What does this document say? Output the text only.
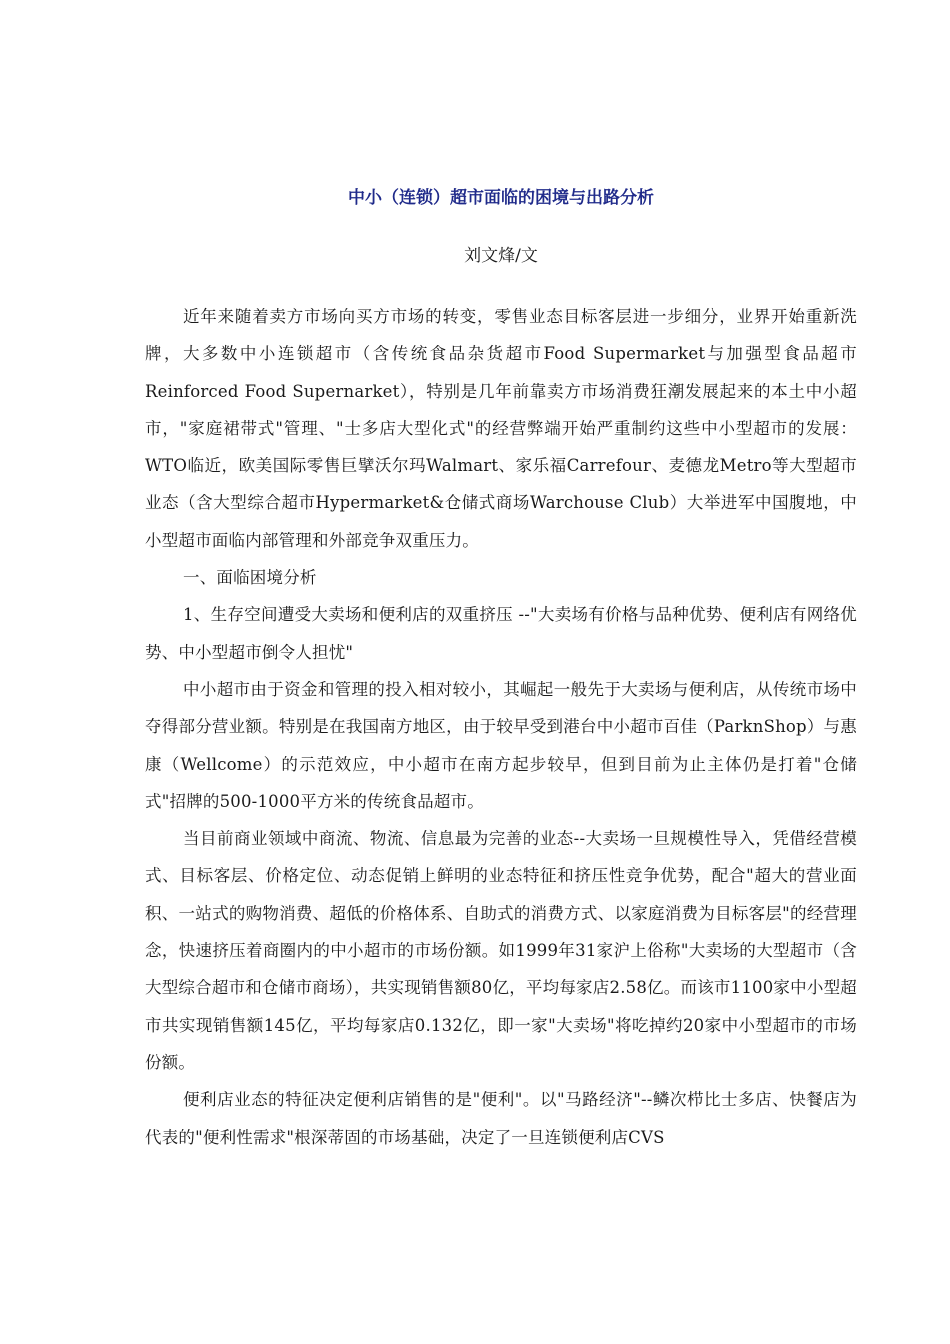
中小（连锁）超市面临的困境与出路分析
刘文烽/文

近年来随着卖方市场向买方市场的转变，零售业态目标客层进一步细分，业界开始重新洗牌，大多数中小连锁超市（含传统食品杂货超市Food Supermarket与加强型食品超市Reinforced Food Supernarket），特别是几年前靠卖方市场消费狂潮发展起来的本土中小超市，"家庭裙带式"管理、"士多店大型化式"的经营弊端开始严重制约这些中小型超市的发展：WTO临近，欧美国际零售巨擘沃尔玛Walmart、家乐福Carrefour、麦德龙Metro等大型超市业态（含大型综合超市Hypermarket&仓储式商场Warchouse Club）大举进军中国腹地，中小型超市面临内部管理和外部竞争双重压力。

一、面临困境分析

1、生存空间遭受大卖场和便利店的双重挤压 --"大卖场有价格与品种优势、便利店有网络优势、中小型超市倒令人担忧"

中小超市由于资金和管理的投入相对较小，其崛起一般先于大卖场与便利店，从传统市场中夺得部分营业额。特别是在我国南方地区，由于较早受到港台中小超市百佳（ParknShop）与惠康（Wellcome）的示范效应，中小超市在南方起步较早，但到目前为止主体仍是打着"仓储式"招牌的500-1000平方米的传统食品超市。

当目前商业领域中商流、物流、信息最为完善的业态--大卖场一旦规模性导入，凭借经营模式、目标客层、价格定位、动态促销上鲜明的业态特征和挤压性竞争优势，配合"超大的营业面积、一站式的购物消费、超低的价格体系、自助式的消费方式、以家庭消费为目标客层"的经营理念，快速挤压着商圈内的中小超市的市场份额。如1999年31家沪上俗称"大卖场的大型超市（含大型综合超市和仓储市商场），共实现销售额80亿，平均每家店2.58亿。而该市1100家中小型超市共实现销售额145亿，平均每家店0.132亿，即一家"大卖场"将吃掉约20家中小型超市的市场份额。

便利店业态的特征决定便利店销售的是"便利"。以"马路经济"--鳞次栉比士多店、快餐店为代表的"便利性需求"根深蒂固的市场基础，决定了一旦连锁便利店CVS
